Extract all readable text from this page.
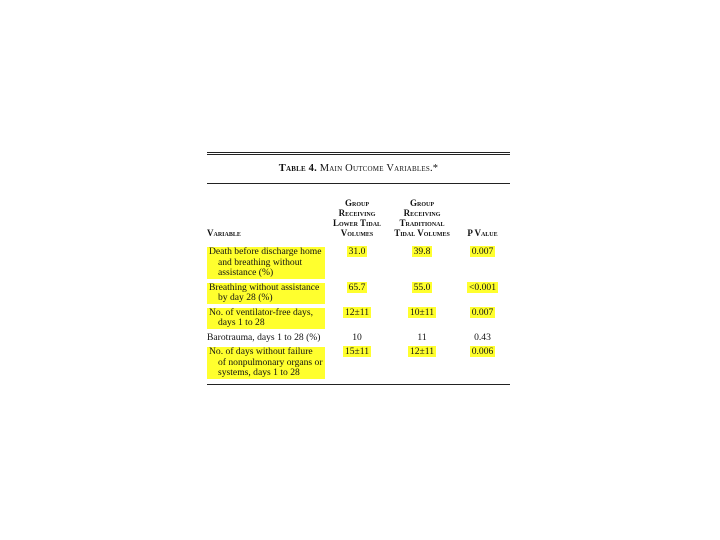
Table 4. Main Outcome Variables.*
Variable	Group
Receiving
Lower Tidal
Volumes	Group
Receiving
Traditional
Tidal Volumes	P Value

Death before discharge home and breathing without assistance (%)	31.0	39.8	0.007

Breathing without assistance by day 28 (%)	65.7	55.0	<0.001

No. of ventilator-free days, days 1 to 28	12±11	10±11	0.007

Barotrauma, days 1 to 28 (%)	10	11	0.43

No. of days without failure of nonpulmonary organs or systems, days 1 to 28	15±11	12±11	0.006
